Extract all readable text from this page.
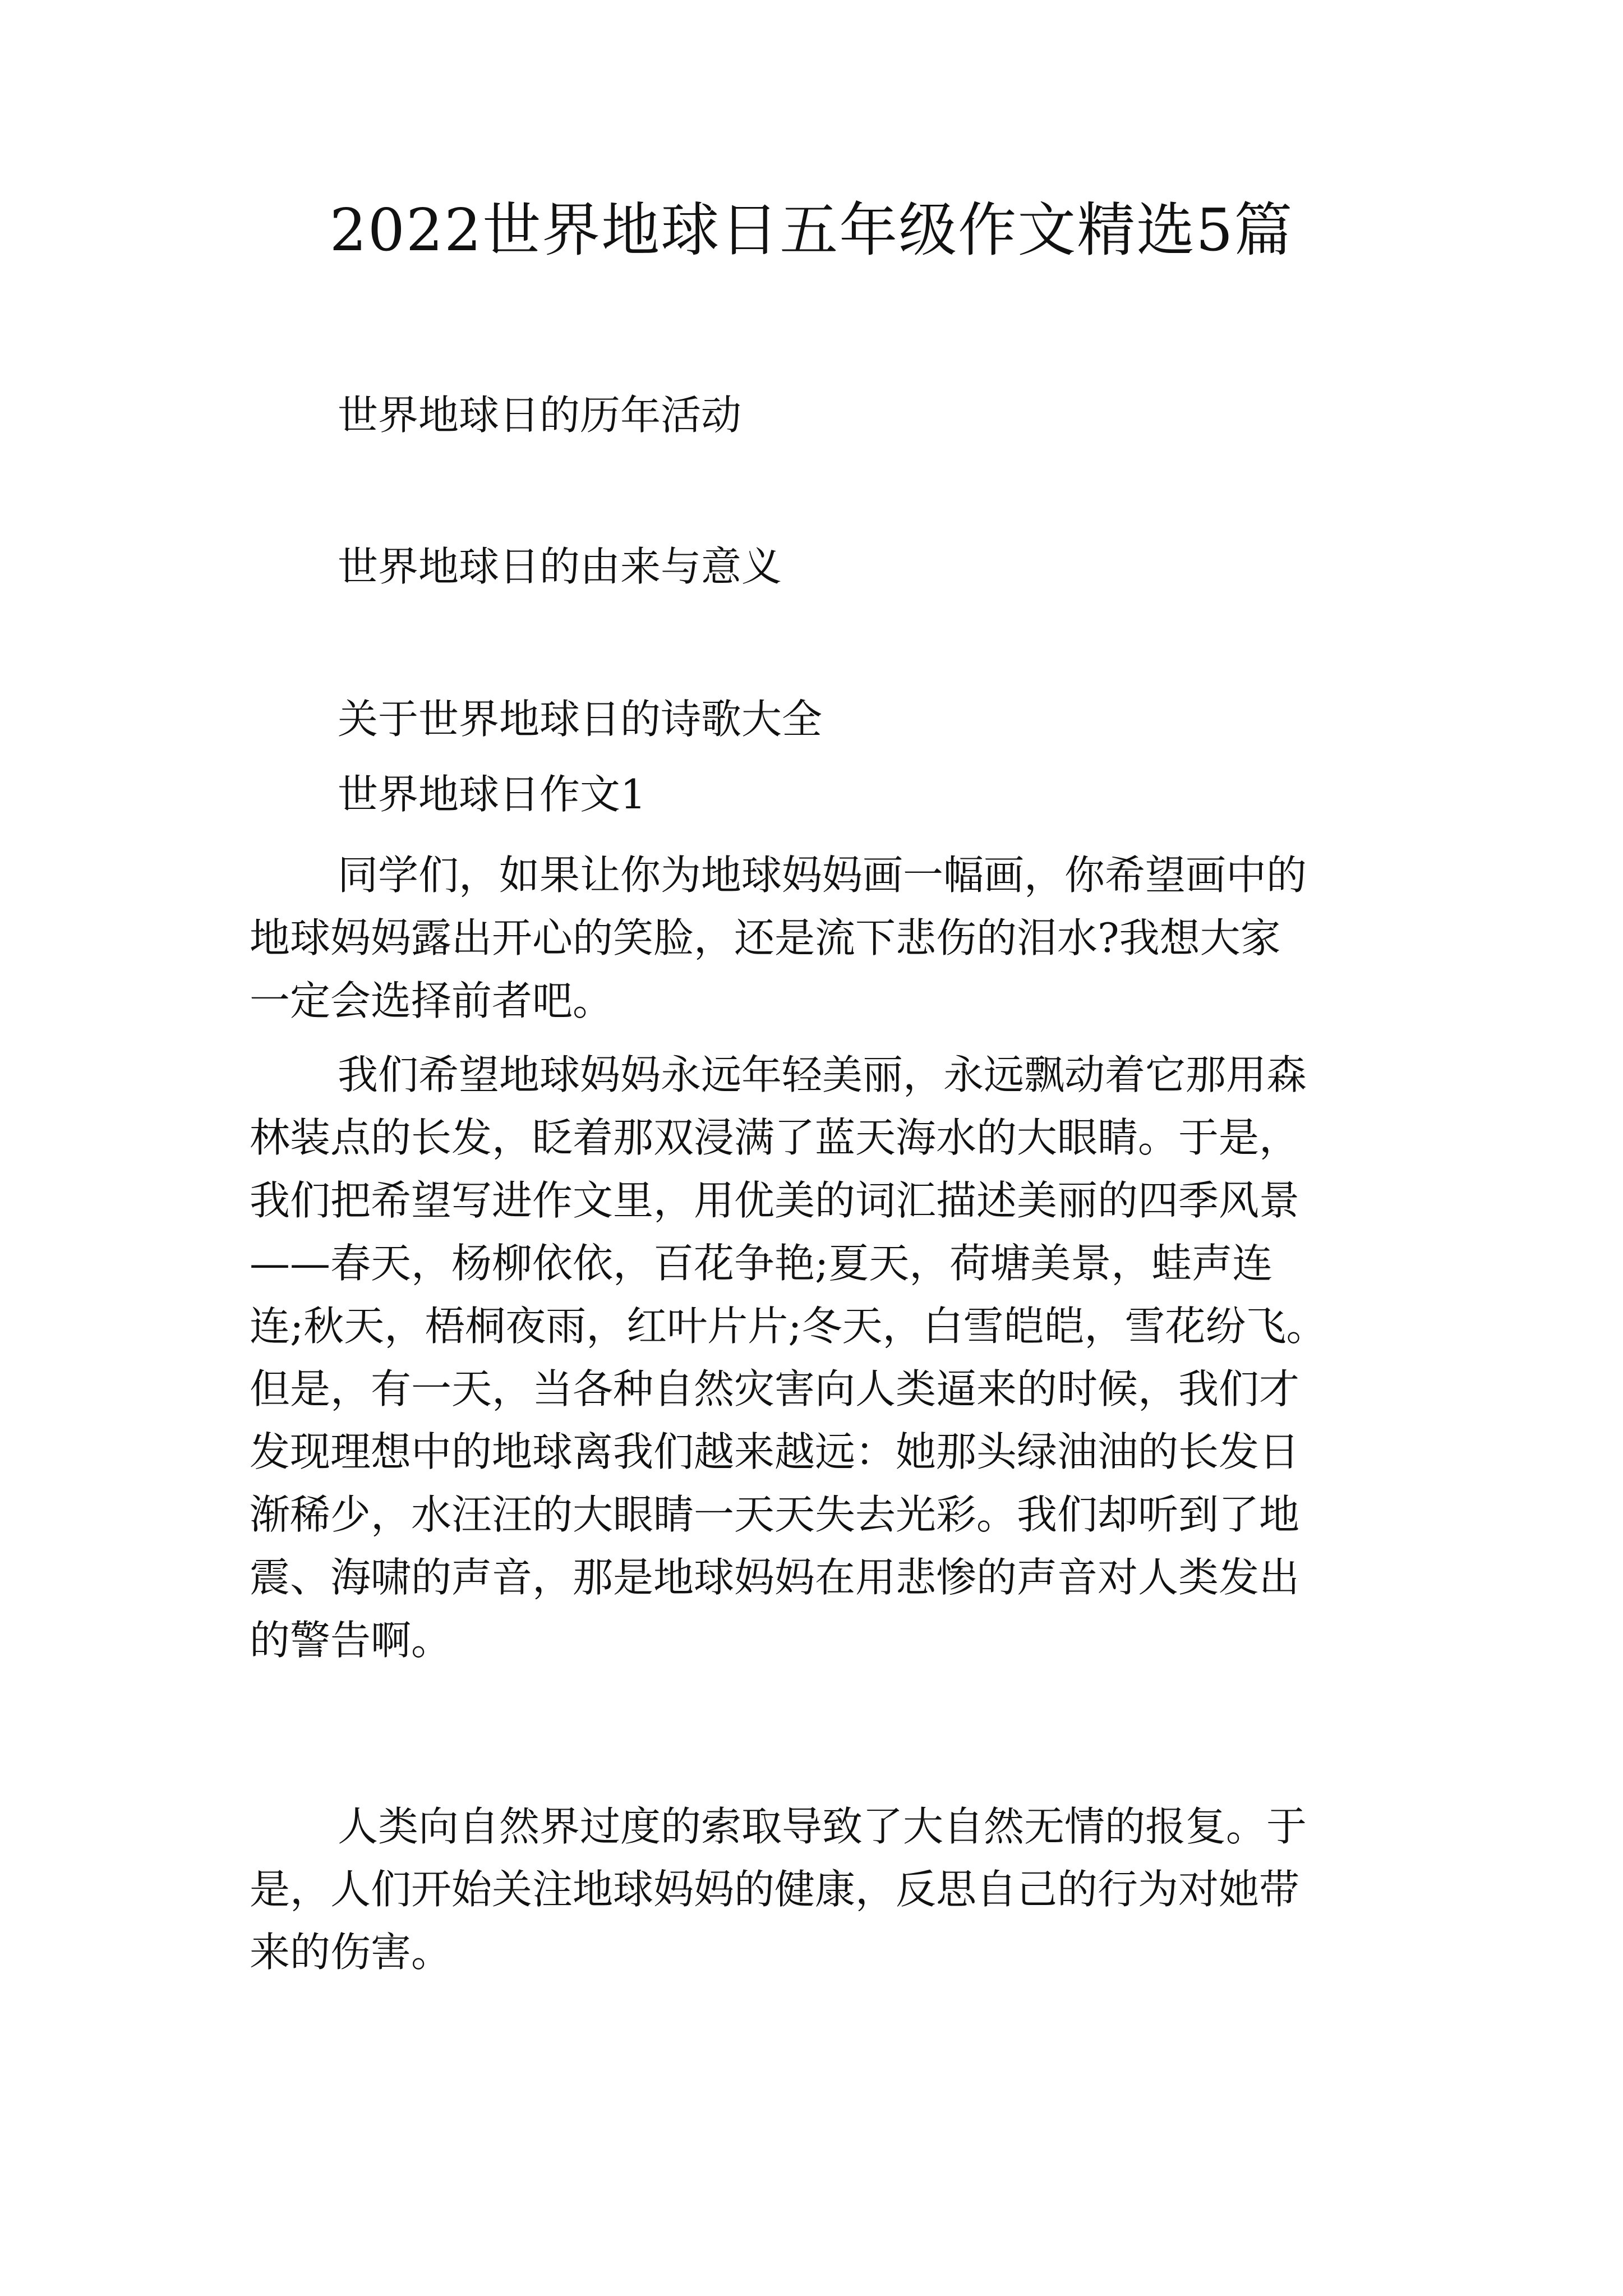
2022世界地球日五年级作文精选5篇

世界地球日的历年活动

世界地球日的由来与意义

关于世界地球日的诗歌大全

世界地球日作文1

同学们，如果让你为地球妈妈画一幅画，你希望画中的
地球妈妈露出开心的笑脸，还是流下悲伤的泪水?我想大家
一定会选择前者吧。
我们希望地球妈妈永远年轻美丽，永远飘动着它那用森
林装点的长发，眨着那双浸满了蓝天海水的大眼睛。于是，
我们把希望写进作文里，用优美的词汇描述美丽的四季风景
——春天，杨柳依依，百花争艳;夏天，荷塘美景，蛙声连
连;秋天，梧桐夜雨，红叶片片;冬天，白雪皑皑，雪花纷飞。
但是，有一天，当各种自然灾害向人类逼来的时候，我们才
发现理想中的地球离我们越来越远：她那头绿油油的长发日
渐稀少，水汪汪的大眼睛一天天失去光彩。我们却听到了地
震、海啸的声音，那是地球妈妈在用悲惨的声音对人类发出
的警告啊。
人类向自然界过度的索取导致了大自然无情的报复。于
是，人们开始关注地球妈妈的健康，反思自己的行为对她带
来的伤害。
